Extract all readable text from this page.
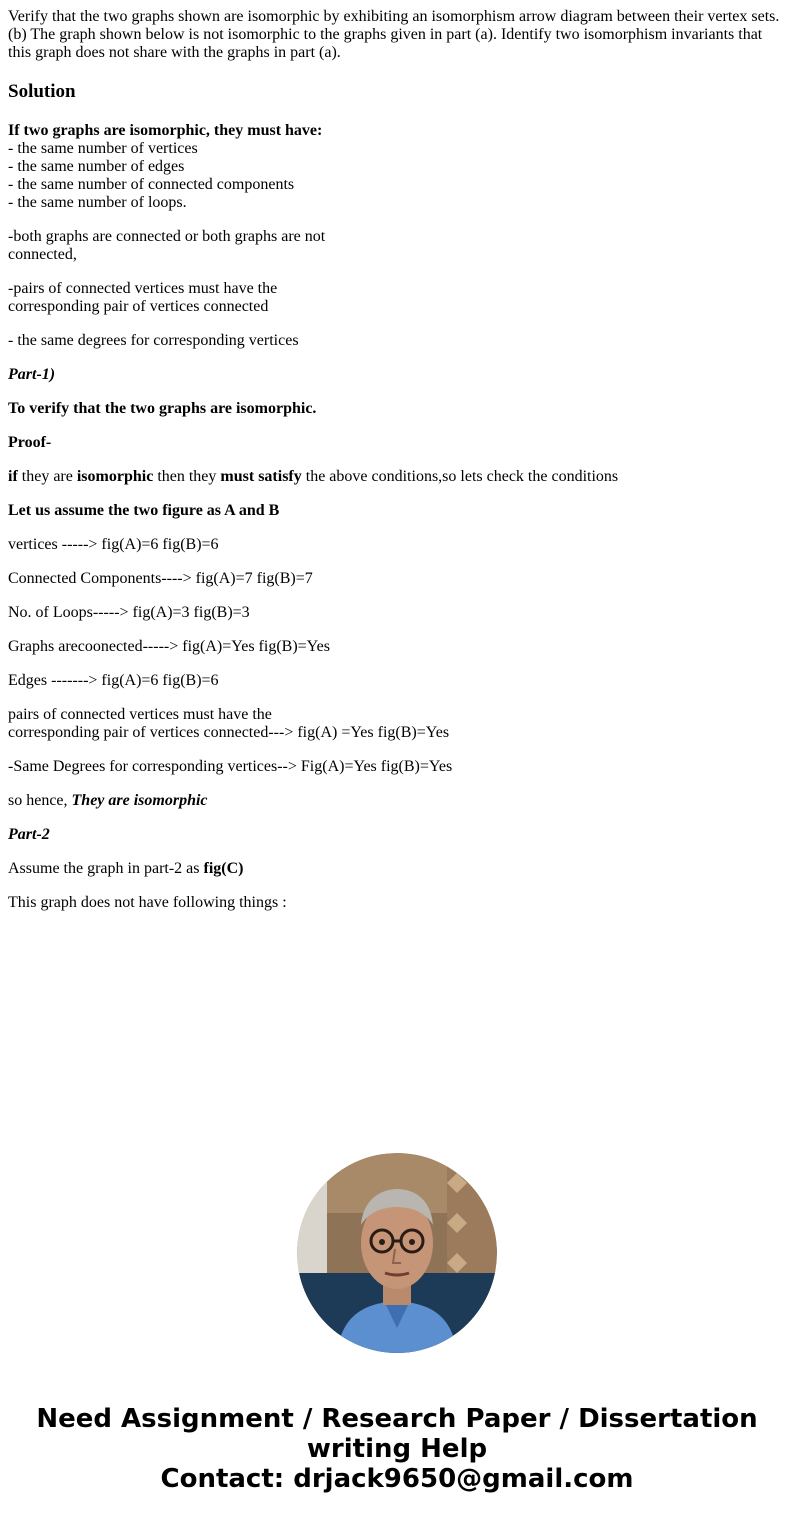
Verify that the two graphs shown are isomorphic by exhibiting an isomorphism arrow diagram between their vertex sets.
(b) The graph shown below is not isomorphic to the graphs given in part (a). Identify two isomorphism invariants that this graph does not share with the graphs in part (a).
Solution

If two graphs are isomorphic, they must have:
- the same number of vertices
- the same number of edges
- the same number of connected components
- the same number of loops.

-both graphs are connected or both graphs are not
connected,

-pairs of connected vertices must have the
corresponding pair of vertices connected

- the same degrees for corresponding vertices

Part-1)

To verify that the two graphs are isomorphic.

Proof-

if they are isomorphic then they must satisfy the above conditions,so lets check the conditions

Let us assume the two figure as A and B

vertices -----> fig(A)=6 fig(B)=6

Connected Components----> fig(A)=7 fig(B)=7

No. of Loops-----> fig(A)=3 fig(B)=3

Graphs arecoonected-----> fig(A)=Yes fig(B)=Yes

Edges -------> fig(A)=6 fig(B)=6

pairs of connected vertices must have the
corresponding pair of vertices connected---> fig(A) =Yes fig(B)=Yes

-Same Degrees for corresponding vertices--> Fig(A)=Yes fig(B)=Yes

so hence, They are isomorphic

Part-2

Assume the graph in part-2 as fig(C)

This graph does not have following things :

Need Assignment / Research Paper / Dissertation
writing Help
Contact: drjack9650@gmail.com
